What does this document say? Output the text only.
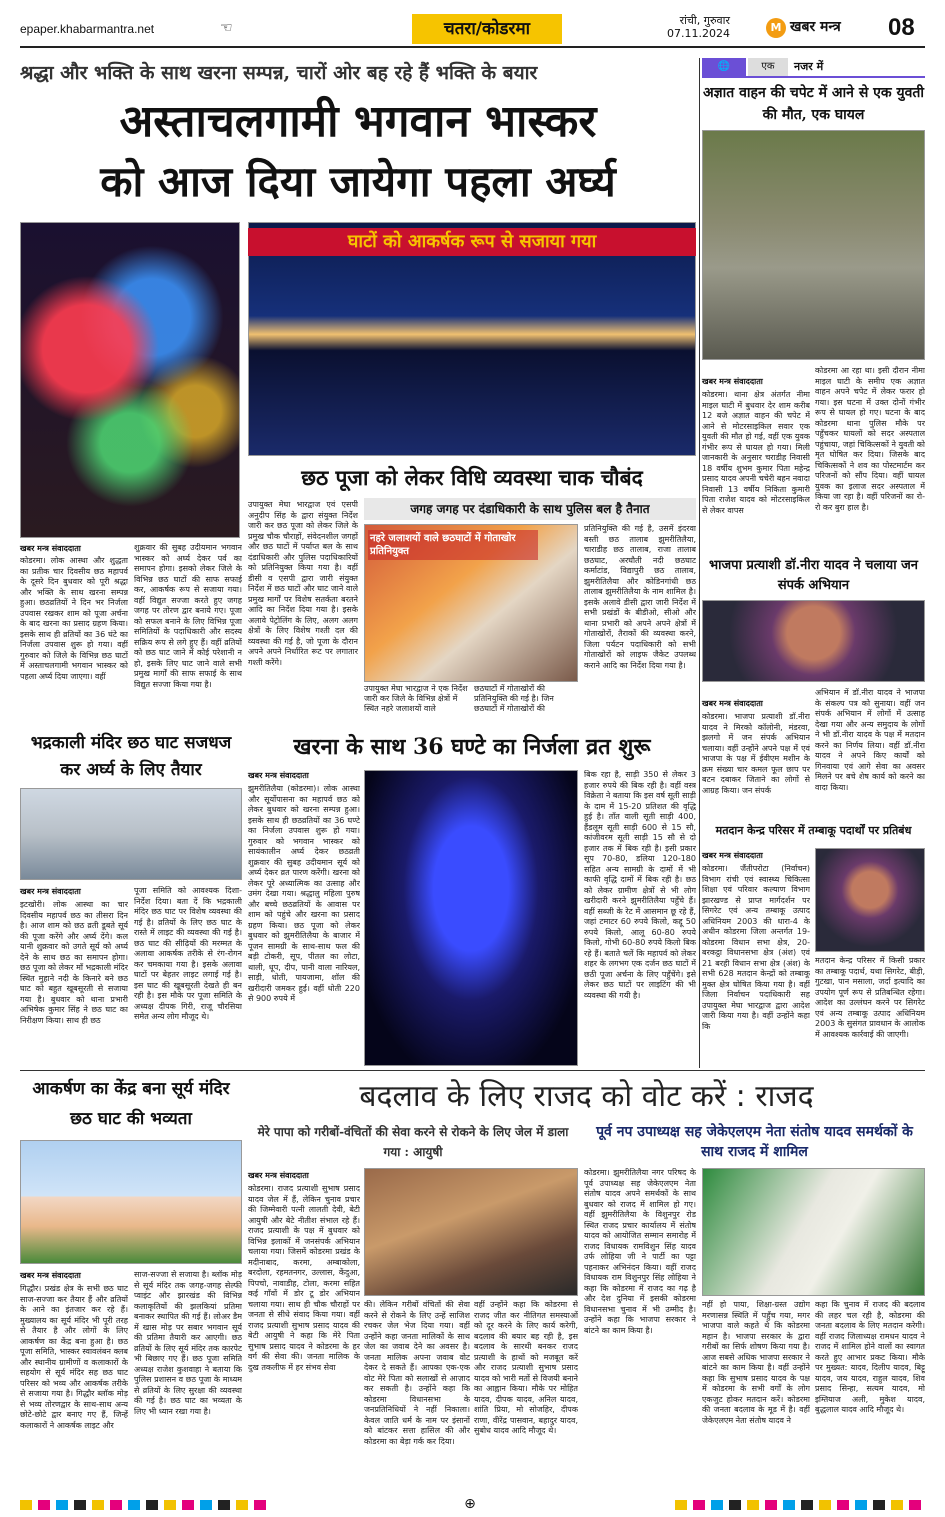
epaper.khabarmantra.net	☜	चतरा/कोडरमा	रांची, गुरुवार
07.11.2024	M खबर मन्त्र 08
श्रद्धा और भक्ति के साथ खरना सम्पन्न, चारों ओर बह रहे हैं भक्ति के बयार
अस्ताचलगामी भगवान भास्कर
को आज दिया जायेगा पहला अर्घ्य
घाटों को आकर्षक रूप से सजाया गया
खबर मन्त्र संवाददाता
कोडरमा। लोक आस्था और शुद्धता का प्रतीक चार दिवसीय छठ महापर्व के दूसरे दिन बुधवार को पूरी श्रद्धा और भक्ति के साथ खरना सम्पन्न हुआ। छठव्रतियों ने दिन भर निर्जला उपवास रखकर शाम को पूजा अर्चना के बाद खरना का प्रसाद ग्रहण किया। इसके साथ ही व्रतियों का 36 घंटे का निर्जला उपवास शुरू हो गया। वहीं गुरुवार को जिले के विभिन्न छठ घाटों में अस्ताचलगामी भगवान भास्कर को पहला अर्घ्य दिया जाएगा। वहीं
शुक्रवार की सुबह उदीयमान भगवान भास्कर को अर्घ्य देकर पर्व का समापन होगा। इसको लेकर जिले के विभिन्न छठ घाटों की साफ सफाई कर, आकर्षक रूप से सजाया गया। वहीं विद्युत सज्जा करते हुए जगह जगह पर तोरण द्वार बनाये गए। पूजा को सफल बनाने के लिए विभिन्न पूजा समितियों के पदाधिकारी और सदस्य सक्रिय रूप से लगे हुए हैं। वहीं व्रतियों को छठ घाट जाने में कोई परेशानी न हो, इसके लिए घाट जाने वाले सभी प्रमुख मार्गों की साफ सफाई के साथ विद्युत सज्जा किया गया है।
छठ पूजा को लेकर विधि व्यवस्था चाक चौबंद
उपायुक्त मेघा भारद्वाज एवं एसपी अनुदीप सिंह के द्वारा संयुक्त निर्देश जारी कर छठ पूजा को लेकर जिले के प्रमुख चौक चौराहों, संवेदनशील जगहों और छठ घाटों में पर्याप्त बल के साथ दंडाधिकारी और पुलिस पदाधिकारियों को प्रतिनियुक्त किया गया है। वहीं डीसी व एसपी द्वारा जारी संयुक्त निर्देश में छठ घाटों और घाट जाने वाले प्रमुख मार्गों पर विशेष सतर्कता बरतने आदि का निर्देश दिया गया है। इसके अलावे पेट्रोलिंग के लिए, अलग अलग क्षेत्रों के लिए विशेष गश्ती दल की व्यवस्था की गई है, जो पूजा के दौरान अपने अपने निर्धारित रूट पर लगातार गश्ती करेंगे।
जगह जगह पर दंडाधिकारी के साथ पुलिस बल है तैनात
नहरे जलाशयों वाले छठघाटों में गोताखोर प्रतिनियुक्त
उपायुक्त मेघा भारद्वाज ने एक निर्देश जारी कर जिले के विभिन्न क्षेत्रों में स्थित नहरे जलाशयों वाले
छठघाटों में गोताखोरों की प्रतिनियुक्ति की गई है। जिन छठघाटों में गोताखोरों की
प्रतिनियुक्ति की गई है, उसमें इंदरवा बस्ती छठ तालाब झुमरीतिलैया, चाराडीह छठ तालाब, राजा तालाब छठघाट, अरघौती नदी छठघाट कर्माटांड, विद्यापुरी छठ तालाब, झुमरीतिलैया और कोडिनगांधी छठ तालाब झुमरीतिलैया के नाम शामिल है। इसके अलावे डीसी द्वारा जारी निर्देश में सभी प्रखंडों के बीडीओ, सीओ और थाना प्रभारी को अपने अपने क्षेत्रों में गोताखोरों, तैराकों की व्यवस्था करने, जिला पर्यटन पदाधिकारी को सभी गोताखोरों को लाइफ जैकेट उपलब्ध कराने आदि का निर्देश दिया गया है।
भद्रकाली मंदिर छठ घाट सजधज कर अर्घ्य के लिए तैयार
खबर मन्त्र संवाददाता
इटखोरी। लोक आस्था का चार दिवसीय महापर्व छठ का तीसरा दिन है। आज शाम को छठ व्रती डूबते सूर्य की पूजा करेंगे और अर्घ्य देंगे। कल यानी शुक्रवार को उगते सूर्य को अर्घ्य देने के साथ छठ का समापन होगा। छठ पूजा को लेकर माँ भद्रकाली मंदिर स्थित मुहाने नदी के किनारे बने छठ घाट को बहुत खूबसूरती से सजाया गया है। बुधवार को थाना प्रभारी अभिषेक कुमार सिंह ने छठ घाट का निरीक्षण किया। साथ ही छठ
पूजा समिति को आवश्यक दिशा-निर्देश दिया। बता दें कि भद्रकाली मंदिर छठ घाट पर विशेष व्यवस्था की गई है। व्रतियों के लिए छठ घाट के रास्ते में लाइट की व्यवस्था की गई है। छठ घाट की सीढ़ियों की मरम्मत के अलावा आकर्षक तरीके से रंग-रोगन कर चमकाया गया है। इसके अलावा घाटों पर बेहतर लाइट लगाई गई है। इस घाट की खूबसूरती देखते ही बन रही है। इस मौके पर पूजा समिति के अध्यक्ष दीपक गिरी, राजू चौरसिया समेत अन्य लोग मौजूद थे।
खरना के साथ 36 घण्टे का निर्जला व्रत शुरू
खबर मन्त्र संवाददाता
झुमरीतिलैया (कोडरमा)। लोक आस्था और सूर्योपासना का महापर्व छठ को लेकर बुधवार को खरना सम्पन्न हुआ। इसके साथ ही छठव्रतियों का 36 घण्टे का निर्जला उपवास शुरू हो गया। गुरुवार को भगवान भास्कर को सायंकालीन अर्घ्य देकर छठव्रती शुक्रवार की सुबह उदीयमान सूर्य को अर्घ्य देकर व्रत पारण करेंगी। खरना को लेकर पूरे अध्यात्मिक का उत्साह और उमंग देखा गया। श्रद्धालु महिला पुरुष और बच्चे छठव्रतियों के आवास पर शाम को पहुंचे और खरना का प्रसाद ग्रहण किया। छठ पूजा को लेकर बुधवार को झुमरीतिलैया के बाजार में पूजन सामग्री के साथ-साथ फल की बड़ी टोकरी, सूप, पीतल का लोटा, थाली, धूप, दीप, पानी वाला नारियल, साड़ी, धोती, पायजामा, शॉल की खरीदारी जमकर हुई। वहीं धोती 220 से 900 रुपये में
बिक रहा है, साड़ी 350 से लेकर 3 हजार रुपये की बिक रही है। वहीं वस्त्र विक्रेता ने बताया कि इस वर्ष सूती साड़ी के दाम में 15-20 प्रतिशत की वृद्धि हुई है। ताँत वाली सूती साड़ी 400, हैंडलूम सूती साड़ी 600 से 15 सौ, कांजीवरम सूती साड़ी 15 सौ से दो हजार तक में बिक रही है। इसी प्रकार सूप 70-80, डलिया 120-180 सहित अन्य सामग्री के दामों में भी काफी वृद्धि दामों में बिक रही है। छठ को लेकर ग्रामीण क्षेत्रों से भी लोग खरीदारी करने झुमरीतिलैया पहुँचे हैं। वहीं सब्जी के रेट में आसमान छू रहे हैं, जहां टमाटर 60 रुपये किलो, कद्दू 50 रुपये किलो, आलू 60-80 रुपये किलो, गोभी 60-80 रुपये किलो बिक रहे हैं। बताते चलें कि महापर्व को लेकर शहर के लगभग एक दर्जन छठ घाटों में छठी पूजा अर्चना के लिए पहुँचेंगे। इसे लेकर छठ घाटों पर लाइटिंग की भी व्यवस्था की गयी है।
आकर्षण का केंद्र बना सूर्य मंदिर छठ घाट की भव्यता
खबर मन्त्र संवाददाता
गिद्धौर। प्रखंड क्षेत्र के सभी छठ घाट साज-सज्जा कर तैयार हैं और व्रतियों के आने का इंतजार कर रहे हैं। मुख्यालय का सूर्य मंदिर भी पूरी तरह से तैयार है और लोगों के लिए आकर्षण का केंद्र बना हुआ है। छठ पूजा समिति, भास्कर स्वावलंबन क्लब और स्थानीय ग्रामीणों व कलाकारों के सहयोग से सूर्य मंदिर सह छठ घाट परिसर को भव्य और आकर्षक तरीके से सजाया गया है। गिद्धौर ब्लॉक मोड़ से भव्य तोरणद्वार के साथ-साथ अन्य छोटे-छोटे द्वार बनाए गए हैं, जिन्हें कलाकारों ने आकर्षक लाइट और
साज-सज्जा से सजाया है। ब्लॉक मोड़ से सूर्य मंदिर तक जगह-जगह सेल्फी प्वाइंट और झारखंड की विभिन्न कलाकृतियों की झलकियां प्रतिमा बनाकर स्थापित की गई हैं। लोअर डैम में खास मोड़ पर सबार भगवान सूर्य की प्रतिमा तैयारी कर आएगी। छठ व्रतियों के लिए सूर्य मंदिर तक कारपेट भी बिछाए गए हैं। छठ पूजा समिति अध्यक्ष राजेश कुशवाहा ने बताया कि पुलिस प्रशासन व छठ पूजा के माध्यम से व्रतियों के लिए सुरक्षा की व्यवस्था की गई है। छठ घाट का भव्यता के लिए भी ध्यान रखा गया है।
बदलाव के लिए राजद को वोट करें : राजद
मेरे पापा को गरीबों-वंचितों की सेवा करने से रोकने के लिए जेल में डाला गया : आयुषी
पूर्व नप उपाध्यक्ष सह जेकेएलएम नेता संतोष यादव समर्थकों के साथ राजद में शामिल
खबर मन्त्र संवाददाता
कोडरमा। राजद प्रत्याशी सुभाष प्रसाद यादव जेल में हैं, लेकिन चुनाव प्रचार की जिम्मेवारी पत्नी लालती देवी, बेटी आयुषी और बेटे नीतीश संभाल रहे हैं। राजद प्रत्याशी के पक्ष में बुधवार को विभिन्न इलाकों में जनसंपर्क अभियान चलाया गया। जिसमें कोडरमा प्रखंड के मदीनाबाद, करमा, अम्बाकोला, बरदोला, रहमतनगर, उल्लास, केंदुआ, पिपचो, नावाडीह, टोला, करमा सहित कई गाँवों में डोर टू डोर अभियान चलाया गया। साथ ही चौक चौराहों पर जनता से सीधे संवाद किया गया। वहीं राजद प्रत्याशी सुभाष प्रसाद यादव की बेटी आयुषी ने कहा कि मेरे पिता सुभाष प्रसाद यादव ने कोडरमा के हर वर्ग की सेवा की। जनता मालिक के दुख तकलीफ में हर संभव सेवा
की। लेकिन गरीबों वंचितों की सेवा करने से रोकने के लिए उन्हें साजिश रचकर जेल भेज दिया गया। वहीं उन्होंने कहा जनता मालिकों के साथ जेल का जवाब देने का अवसर है। जनता मालिक अपना जवाब वोट देकर दे सकते हैं। आपका एक-एक वोट मेरे पिता को सलाखों से आज़ाद कर सकती है। उन्होंने कहा कि कोडरमा विधानसभा के जनप्रतिनिधियों ने नहीं निकाला। केवल जाति धर्म के नाम पर इंसानों को बांटकर सत्ता हासिल की और कोडरमा का बेड़ा गर्क कर दिया।
वहीं उन्होंने कहा कि कोडरमा से राजद जीत कर नीतिगत समस्याओं को दूर करने के लिए कार्य करेगी, बदलाव की बयार बह रही है, इस बदलाव के सारथी बनकर राजद प्रत्याशी के हाथों को मजबूत करें और राजद प्रत्याशी सुभाष प्रसाद यादव को भारी मतों से विजयी बनाने का आह्वान किया। मौके पर मोहित यादव, दीपक यादव, अनिल यादव, शांति प्रिया, मो सोजहिर, दीपक राणा, वीरेंद्र पासवान, बहादुर यादव, सुबोध यादव आदि मौजूद थे।
कोडरमा। झुमरीतिलैया नगर परिषद के पूर्व उपाध्यक्ष सह जेकेएलएम नेता संतोष यादव अपने समर्थकों के साथ बुधवार को राजद में शामिल हो गए। वहीं झुमरीतिलैया के विशुनपुर रोड स्थित राजद प्रचार कार्यालय में संतोष यादव को आयोजित सम्मान समारोह में राजद विधायक रामविशुन सिंह यादव उर्फ लोहिया जी ने पार्टी का पट्टा पहनाकर अभिनंदन किया। वहीं राजद विधायक राम विशुनपुर सिंह लोहिया ने कहा कि कोडरमा में राजद का गढ़ है और देश दुनिया में इसकी कोडरमा विधानसभा चुनाव में भी उम्मीद है। उन्होंने कहा कि भाजपा सरकार ने बांटने का काम किया है।
नहीं हो पाया, शिक्षा-ग्रस्त उद्योग मरणासन्न स्थिति में पहुँच गया, मगर भाजपा वाले कहते थे कि कोडरमा महान है। भाजपा सरकार के द्वारा गरीबों का सिर्फ शोषण किया गया है। आज सबसे अधिक भाजपा सरकार ने बांटने का काम किया है। वहीं उन्होंने कहा कि सुभाष प्रसाद यादव के पक्ष में कोडरमा के सभी वर्गों के लोग एकजुट होकर मतदान करें। कोडरमा की जनता बदलाव के मूड में है। वहीं जेकेएलएम नेता संतोष यादव ने
कहा कि चुनाव में राजद की बदलाव की लहर चल रही है, कोडरमा की जनता बदलाव के लिए मतदान करेगी। वहीं राजद जिलाध्यक्ष रामधन यादव ने राजद में शामिल होने वालों का स्वागत करते हुए आभार प्रकट किया। मौके पर मुख्यत: यादव, दिलीप यादव, बिट्टू यादव, जय यादव, राहुल यादव, शिव प्रसाद सिन्हा, सत्यम यादव, मो इम्तियाज अली, मुकेश यादव, बुद्धलाल यादव आदि मौजूद थे।
🌐	एक	नजर में
अज्ञात वाहन की चपेट में आने से एक युवती की मौत, एक घायल
खबर मन्त्र संवाददाता
कोडरमा। थाना क्षेत्र अंतर्गत नीमा माइल घाटी में बुधवार देर शाम करीब 12 बजे अज्ञात वाहन की चपेट में आने से मोटरसाइकिल सवार एक युवती की मौत हो गई, वहीं एक युवक गंभीर रूप से घायल हो गया। मिली जानकारी के अनुसार चराडीह निवासी 18 वर्षीय शुभम कुमार पिता महेन्द्र प्रसाद यादव अपनी चचेरी बहन नवादा निवासी 13 वर्षीय निकिता कुमारी पिता राजेश यादव को मोटरसाइकिल से लेकर वापस
कोडरमा आ रहा था। इसी दौरान नीमा माइल घाटी के समीप एक अज्ञात वाहन अपने चपेट में लेकर फरार हो गया। इस घटना में उक्त दोनों गंभीर रूप से घायल हो गए। घटना के बाद कोडरमा थाना पुलिस मौके पर पहुँचकर घायलों को सदर अस्पताल पहुंचाया, जहां चिकित्सकों ने युवती को मृत घोषित कर दिया। जिसके बाद चिकित्सकों ने शव का पोस्टमार्टम कर परिजनों को सौंप दिया। वहीं घायल युवक का इलाज सदर अस्पताल में किया जा रहा है। वहीं परिजनों का रो-रो कर बुरा हाल है।
भाजपा प्रत्याशी डॉ.नीरा यादव ने चलाया जन संपर्क अभियान
खबर मन्त्र संवाददाता
कोडरमा। भाजपा प्रत्याशी डॉ.नीरा यादव ने मिरको कॉलोनी, मंडरवा, झलगो में जन संपर्क अभियान चलाया। वहीं उन्होंने अपने पक्ष में एवं भाजपा के पक्ष में ईवीएम मशीन के क्रम संख्या चार कमल फूल छाप पर बटन दबाकर जिताने का लोगों से आग्रह किया। जन संपर्क
अभियान में डॉ.नीरा यादव ने भाजपा के संकल्प पत्र को सुनाया। वहीं जन संपर्क अभियान में लोगों में उत्साह देखा गया और अन्य समुदाय के लोगों ने भी डॉ.नीरा यादव के पक्ष में मतदान करने का निर्णय लिया। वहीं डॉ.नीरा यादव ने अपने किए कार्यों को गिनवाया एवं आगे सेवा का अवसर मिलने पर बचे शेष कार्य को करने का वादा किया।
मतदान केन्द्र परिसर में तम्बाकू पदार्थों पर प्रतिबंध
खबर मन्त्र संवाददाता
कोडरमा। जैंतीपरोटा (निर्वाचन) विभाग रांची एवं स्वास्थ्य चिकित्सा शिक्षा एवं परिवार कल्याण विभाग झारखण्ड से प्राप्त मार्गदर्शन पर सिगरेट एवं अन्य तम्बाकू उत्पाद अधिनियम 2003 की धारा-4 के अधीन कोडरमा जिला अन्तर्गत 19-कोडरमा विधान सभा क्षेत्र, 20-बरकट्ठा विधानसभा क्षेत्र (अंश) एवं 21 बरही विधान सभा क्षेत्र (अंश) के सभी 628 मतदान केन्द्रों को तम्बाकू मुक्त क्षेत्र घोषित किया गया है। वहीं जिला निर्वाचन पदाधिकारी सह उपायुक्त मेघा भारद्वाज द्वारा आदेश जारी किया गया है। वहीं उन्होंने कहा कि
मतदान केन्द्र परिसर में किसी प्रकार का तम्बाकू पदार्थ, यथा सिगरेट, बीड़ी, गुटखा, पान मसाला, जर्दा इत्यादि का उपयोग पूर्ण रूप से प्रतिबन्धित रहेगा। आदेश का उल्लंघन करने पर सिगरेट एवं अन्य तम्बाकू उत्पाद अधिनियम 2003 के सुसंगत प्रावधान के आलोक में आवश्यक कार्रवाई की जाएगी।
⊕
